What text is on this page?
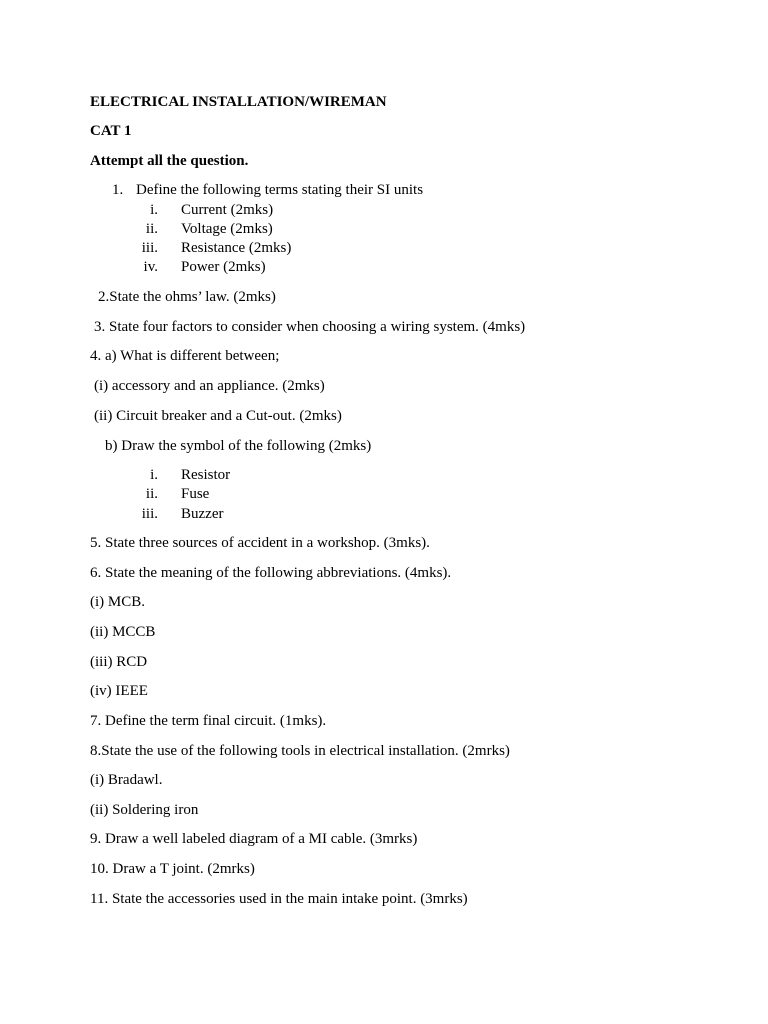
ELECTRICAL INSTALLATION/WIREMAN
CAT 1
Attempt all the question.
1. Define the following terms stating their SI units
i. Current (2mks)
ii. Voltage (2mks)
iii. Resistance (2mks)
iv. Power (2mks)
2.State the ohms’ law. (2mks)
3. State four factors to consider when choosing a wiring system. (4mks)
4. a) What is different between;
(i) accessory and an appliance. (2mks)
(ii) Circuit breaker and a Cut-out. (2mks)
b) Draw the symbol of the following (2mks)
i. Resistor
ii. Fuse
iii. Buzzer
5. State three sources of accident in a workshop. (3mks).
6. State the meaning of the following abbreviations. (4mks).
(i) MCB.
(ii) MCCB
(iii) RCD
(iv) IEEE
7. Define the term final circuit. (1mks).
8.State the use of the following tools in electrical installation. (2mrks)
(i) Bradawl.
(ii) Soldering iron
9. Draw a well labeled diagram of a MI cable. (3mrks)
10. Draw a T joint. (2mrks)
11. State the accessories used in the main intake point. (3mrks)
